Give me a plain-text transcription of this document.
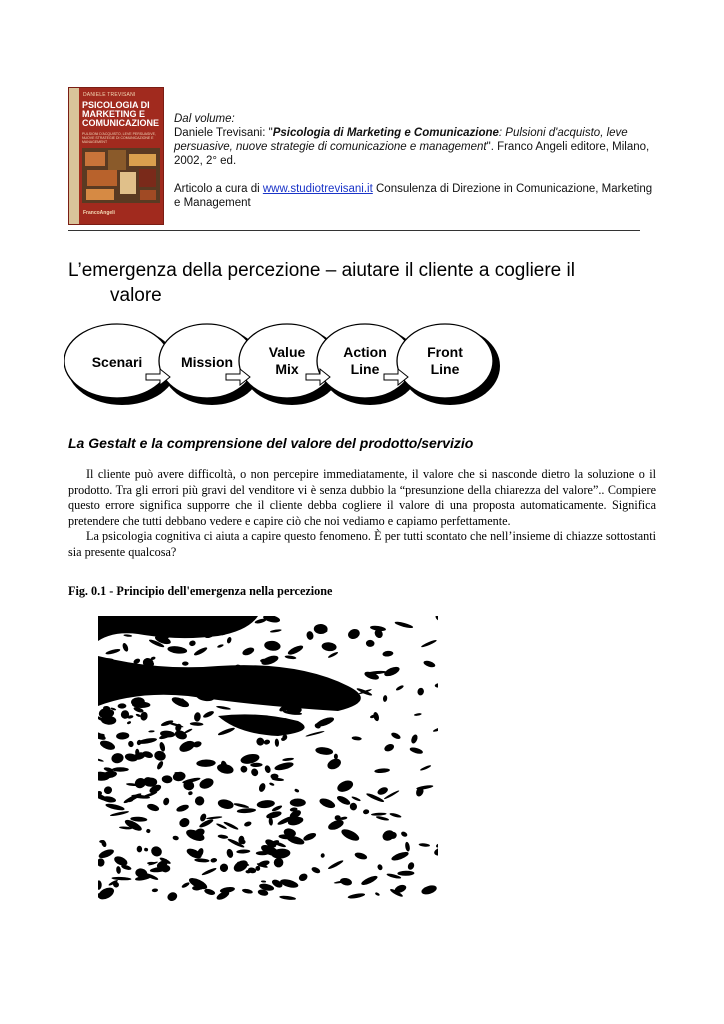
DANIELE TREVISANI
PSICOLOGIA DI MARKETING E COMUNICAZIONE
PULSIONI D'ACQUISTO, LEVE PERSUASIVE, NUOVE STRATEGIE DI COMUNICAZIONE E MANAGEMENT
FrancoAngeli

Dal volume:

Daniele Trevisani: "Psicologia di Marketing e Comunicazione: Pulsioni d'acquisto, leve persuasive, nuove strategie di comunicazione e management". Franco Angeli editore, Milano, 2002, 2° ed.

Articolo a cura di www.studiotrevisani.it Consulenza di Direzione in Comunicazione, Marketing e Management

L’emergenza della percezione – aiutare il cliente a cogliere il
valore
Scenari	Mission
Value
Mix
Action
Line
Front
Line
La Gestalt e la comprensione del valore del prodotto/servizio

Il cliente può avere difficoltà, o non percepire immediatamente, il valore che si nasconde dietro la soluzione o il prodotto. Tra gli errori più gravi del venditore vi è senza dubbio la “presunzione della chiarezza del valore”.. Compiere questo errore significa supporre che il cliente debba cogliere il valore di una proposta automaticamente. Significa pretendere che tutti debbano vedere e capire ciò che noi vediamo e capiamo perfettamente.

La psicologia cognitiva ci aiuta a capire questo fenomeno. È per tutti scontato che nell’insieme di chiazze sottostanti sia presente qualcosa?

Fig. 0.1 - Principio dell'emergenza nella percezione
